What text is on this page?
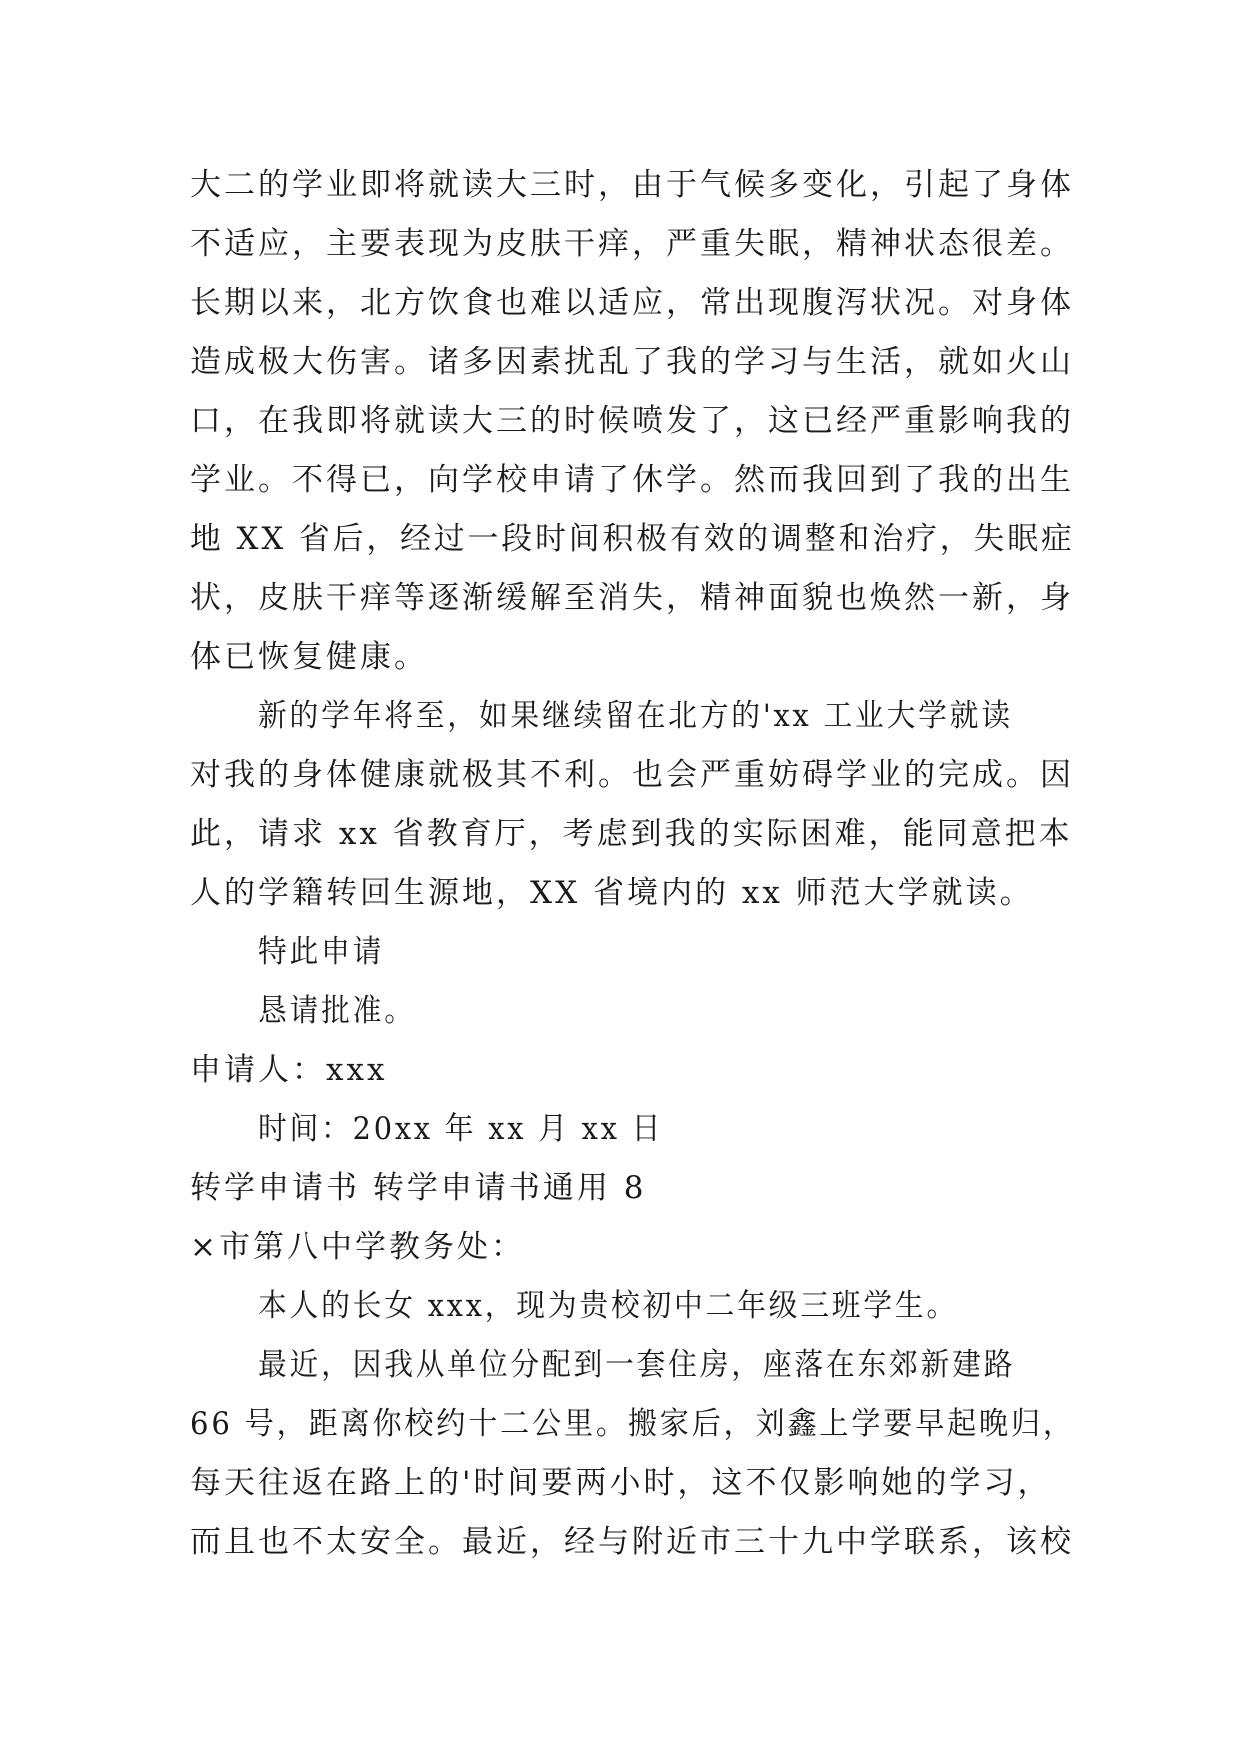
大二的学业即将就读大三时，由于气候多变化，引起了身体
不适应，主要表现为皮肤干痒，严重失眠，精神状态很差。
长期以来，北方饮食也难以适应，常出现腹泻状况。对身体
造成极大伤害。诸多因素扰乱了我的学习与生活，就如火山
口，在我即将就读大三的时候喷发了，这已经严重影响我的
学业。不得已，向学校申请了休学。然而我回到了我的出生
地 XX 省后，经过一段时间积极有效的调整和治疗，失眠症
状，皮肤干痒等逐渐缓解至消失，精神面貌也焕然一新，身
体已恢复健康。
新的学年将至，如果继续留在北方的'xx 工业大学就读
对我的身体健康就极其不利。也会严重妨碍学业的完成。因
此，请求 xx 省教育厅，考虑到我的实际困难，能同意把本
人的学籍转回生源地，XX 省境内的 xx 师范大学就读。
特此申请
恳请批准。
申请人：xxx
时间：20xx 年 xx 月 xx 日
转学申请书 转学申请书通用 8
×市第八中学教务处：
本人的长女 xxx，现为贵校初中二年级三班学生。
最近，因我从单位分配到一套住房，座落在东郊新建路
66 号，距离你校约十二公里。搬家后，刘鑫上学要早起晚归，
每天往返在路上的'时间要两小时，这不仅影响她的学习，
而且也不太安全。最近，经与附近市三十九中学联系，该校
